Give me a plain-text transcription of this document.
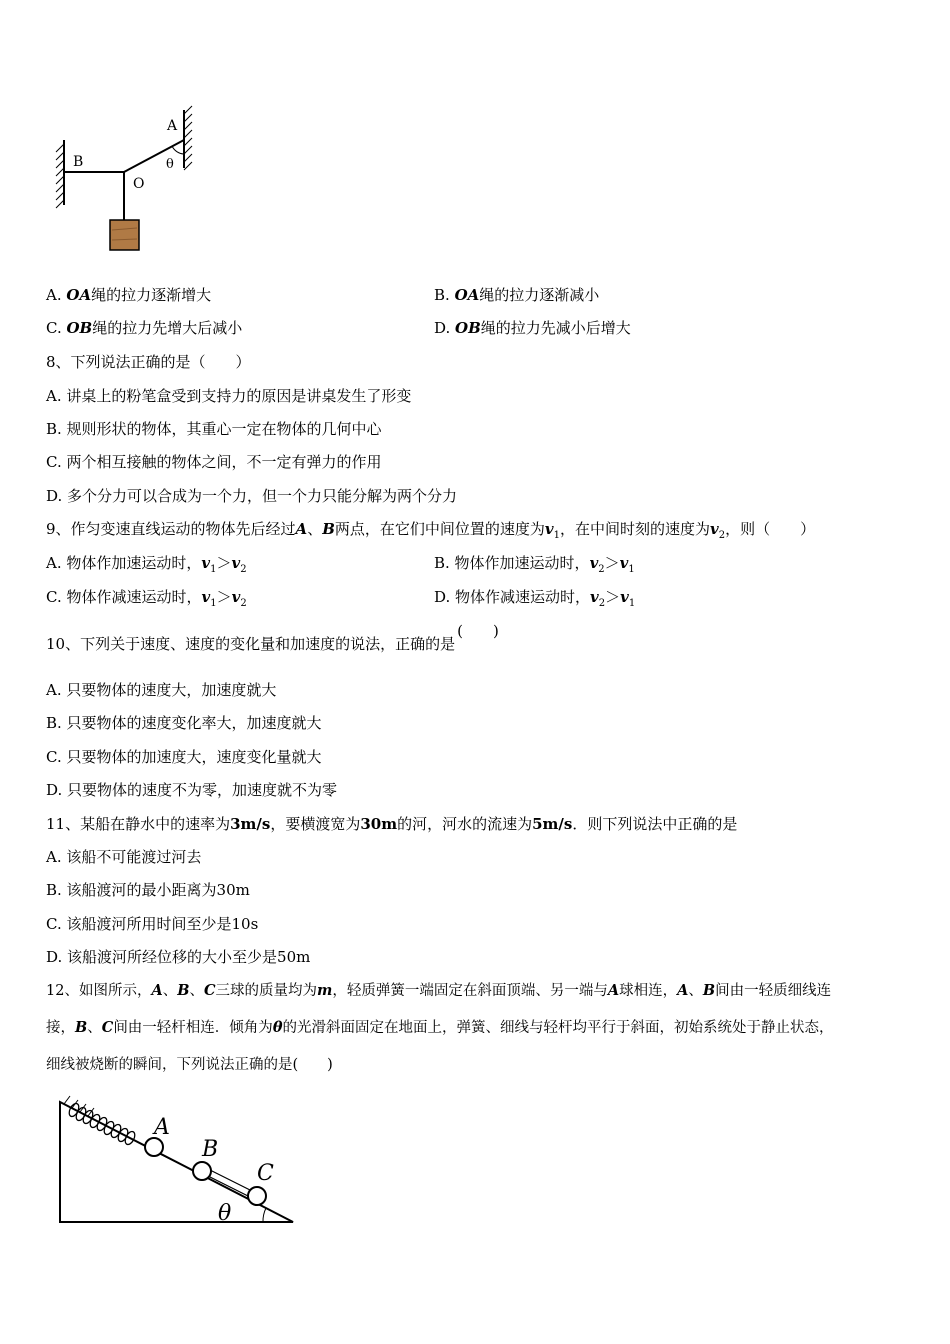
A
B
O
θ
A. OA绳的拉力逐渐增大	B. OA绳的拉力逐渐减小
C. OB绳的拉力先增大后减小	D. OB绳的拉力先减小后增大
8、下列说法正确的是（　　）
A. 讲桌上的粉笔盒受到支持力的原因是讲桌发生了形变
B. 规则形状的物体，其重心一定在物体的几何中心
C. 两个相互接触的物体之间，不一定有弹力的作用
D. 多个分力可以合成为一个力，但一个力只能分解为两个分力
9、作匀变速直线运动的物体先后经过A、B两点，在它们中间位置的速度为$v_1$，在中间时刻的速度为$v_2$，则（　　）
A. 物体作加速运动时，$v_1>v_2$	B. 物体作加速运动时，$v_2>v_1$
C. 物体作减速运动时，$v_1>v_2$	D. 物体作减速运动时，$v_2>v_1$
10、下列关于速度、速度的变化量和加速度的说法，正确的是(　　)
A. 只要物体的速度大，加速度就大
B. 只要物体的速度变化率大，加速度就大
C. 只要物体的加速度大，速度变化量就大
D. 只要物体的速度不为零，加速度就不为零
11、某船在静水中的速率为3m/s，要横渡宽为30m的河，河水的流速为5m/s．则下列说法中正确的是
A. 该船不可能渡过河去
B. 该船渡河的最小距离为30m
C. 该船渡河所用时间至少是10s
D. 该船渡河所经位移的大小至少是50m
12、如图所示，A、B、C三球的质量均为m，轻质弹簧一端固定在斜面顶端、另一端与A球相连，A、B间由一轻质细线连
接，B、C间由一轻杆相连．倾角为θ的光滑斜面固定在地面上，弹簧、细线与轻杆均平行于斜面，初始系统处于静止状态，
细线被烧断的瞬间，下列说法正确的是(　　)
A
B
C
θ
